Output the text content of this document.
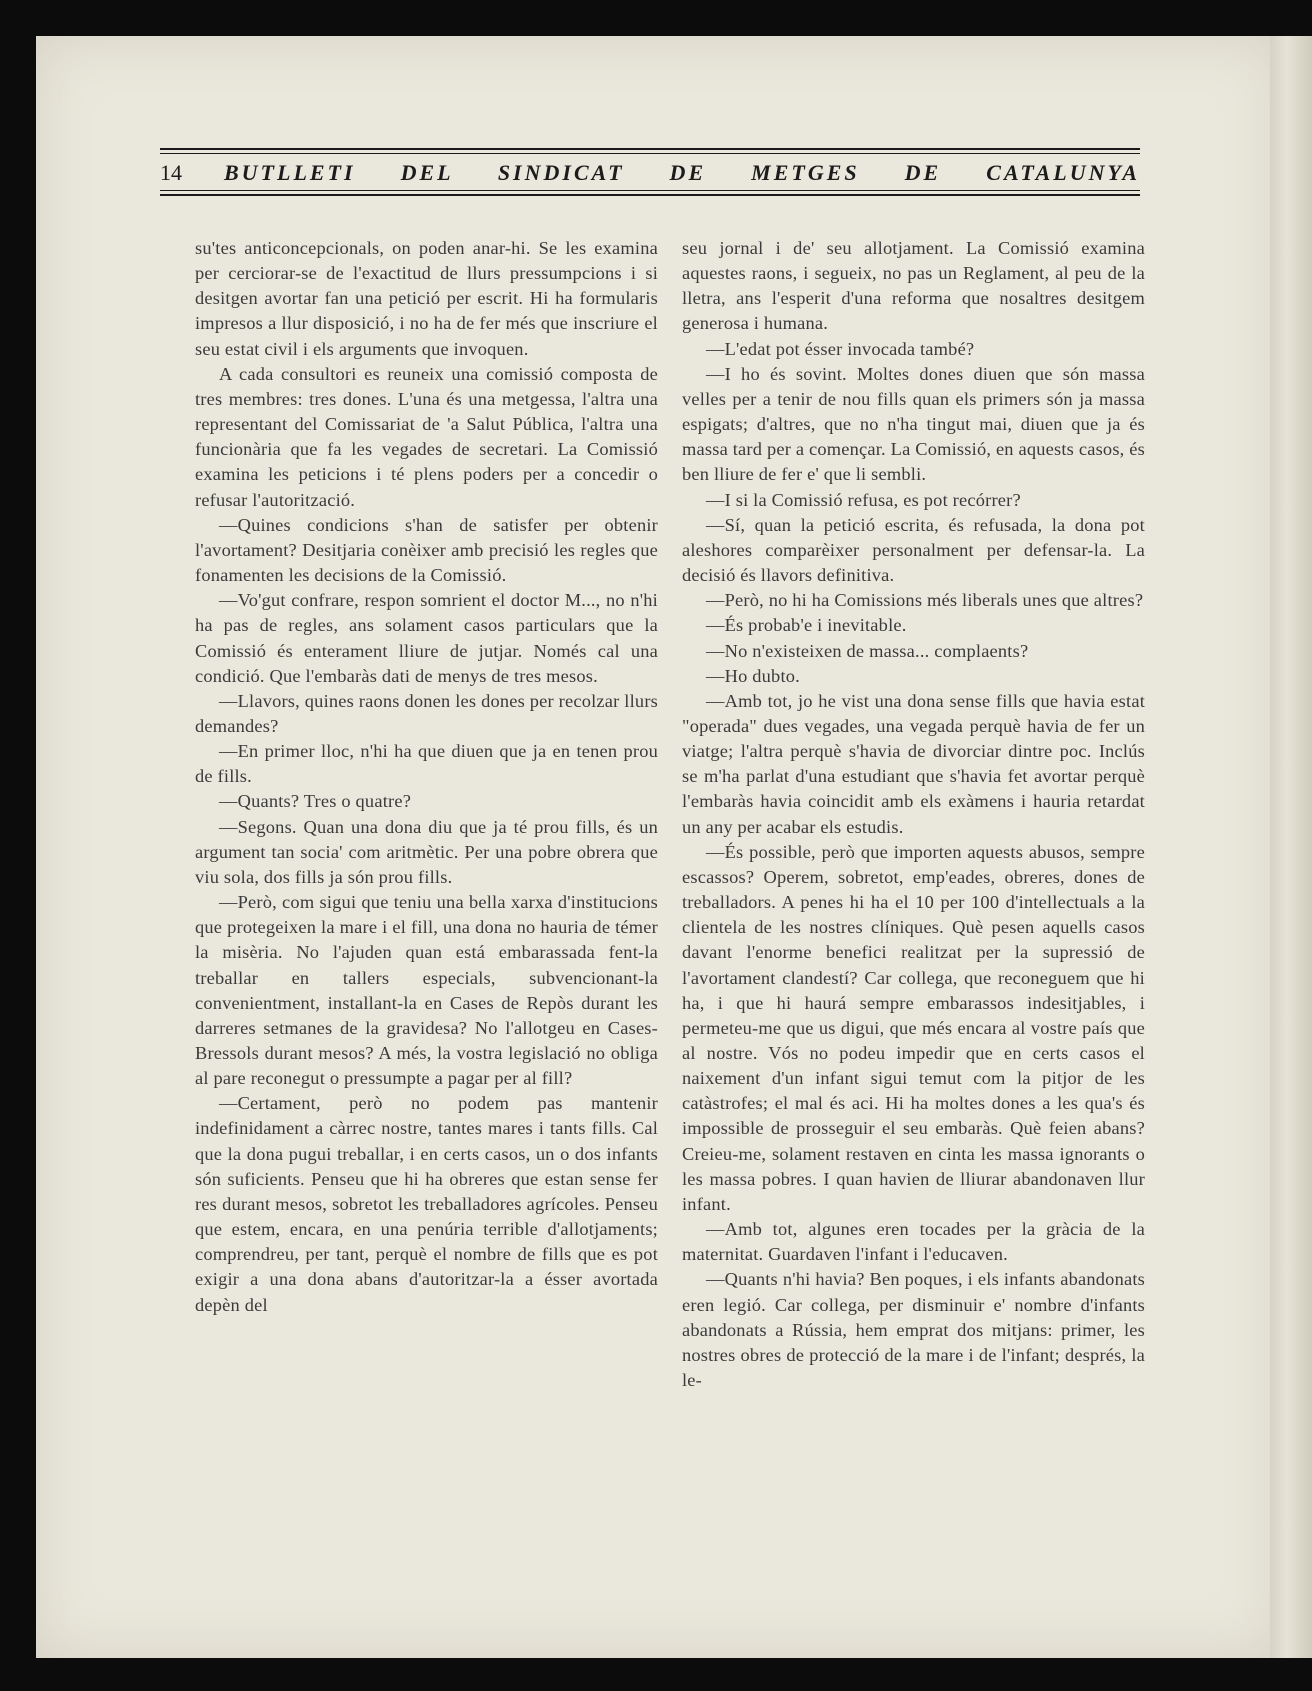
14	BUTLLETI DEL SINDICAT DE METGES DE CATALUNYA

su'tes anticoncepcionals, on poden anar-hi. Se les examina per cerciorar-se de l'exactitud de llurs pressumpcions i si desitgen avortar fan una petició per escrit. Hi ha formularis impresos a llur disposició, i no ha de fer més que inscriure el seu estat civil i els arguments que invoquen.

A cada consultori es reuneix una comissió composta de tres membres: tres dones. L'una és una metgessa, l'altra una representant del Comissariat de 'a Salut Pública, l'altra una funcionària que fa les vegades de secretari. La Comissió examina les peticions i té plens poders per a concedir o refusar l'autorització.

—Quines condicions s'han de satisfer per obtenir l'avortament? Desitjaria conèixer amb precisió les regles que fonamenten les decisions de la Comissió.

—Vo'gut confrare, respon somrient el doctor M..., no n'hi ha pas de regles, ans solament casos particulars que la Comissió és enterament lliure de jutjar. Només cal una condició. Que l'embaràs dati de menys de tres mesos.

—Llavors, quines raons donen les dones per recolzar llurs demandes?

—En primer lloc, n'hi ha que diuen que ja en tenen prou de fills.

—Quants? Tres o quatre?

—Segons. Quan una dona diu que ja té prou fills, és un argument tan socia' com aritmètic. Per una pobre obrera que viu sola, dos fills ja són prou fills.

—Però, com sigui que teniu una bella xarxa d'institucions que protegeixen la mare i el fill, una dona no hauria de témer la misèria. No l'ajuden quan está embarassada fent-la treballar en tallers especials, subvencionant-la convenientment, installant-la en Cases de Repòs durant les darreres setmanes de la gravidesa? No l'allotgeu en Cases-Bressols durant mesos? A més, la vostra legislació no obliga al pare reconegut o pressumpte a pagar per al fill?

—Certament, però no podem pas mantenir indefinidament a càrrec nostre, tantes mares i tants fills. Cal que la dona pugui treballar, i en certs casos, un o dos infants són suficients. Penseu que hi ha obreres que estan sense fer res durant mesos, sobretot les treballadores agrícoles. Penseu que estem, encara, en una penúria terrible d'allotjaments; comprendreu, per tant, perquè el nombre de fills que es pot exigir a una dona abans d'autoritzar-la a ésser avortada depèn del

seu jornal i de' seu allotjament. La Comissió examina aquestes raons, i segueix, no pas un Reglament, al peu de la lletra, ans l'esperit d'una reforma que nosaltres desitgem generosa i humana.

—L'edat pot ésser invocada també?

—I ho és sovint. Moltes dones diuen que són massa velles per a tenir de nou fills quan els primers són ja massa espigats; d'altres, que no n'ha tingut mai, diuen que ja és massa tard per a començar. La Comissió, en aquests casos, és ben lliure de fer e' que li sembli.

—I si la Comissió refusa, es pot recórrer?

—Sí, quan la petició escrita, és refusada, la dona pot aleshores comparèixer personalment per defensar-la. La decisió és llavors definitiva.

—Però, no hi ha Comissions més liberals unes que altres?

—És probab'e i inevitable.

—No n'existeixen de massa... complaents?

—Ho dubto.

—Amb tot, jo he vist una dona sense fills que havia estat "operada" dues vegades, una vegada perquè havia de fer un viatge; l'altra perquè s'havia de divorciar dintre poc. Inclús se m'ha parlat d'una estudiant que s'havia fet avortar perquè l'embaràs havia coincidit amb els exàmens i hauria retardat un any per acabar els estudis.

—És possible, però que importen aquests abusos, sempre escassos? Operem, sobretot, emp'eades, obreres, dones de treballadors. A penes hi ha el 10 per 100 d'intellectuals a la clientela de les nostres clíniques. Què pesen aquells casos davant l'enorme benefici realitzat per la supressió de l'avortament clandestí? Car collega, que reconeguem que hi ha, i que hi haurá sempre embarassos indesitjables, i permeteu-me que us digui, que més encara al vostre país que al nostre. Vós no podeu impedir que en certs casos el naixement d'un infant sigui temut com la pitjor de les catàstrofes; el mal és aci. Hi ha moltes dones a les qua's és impossible de prosseguir el seu embaràs. Què feien abans? Creieu-me, solament restaven en cinta les massa ignorants o les massa pobres. I quan havien de lliurar abandonaven llur infant.

—Amb tot, algunes eren tocades per la gràcia de la maternitat. Guardaven l'infant i l'educaven.

—Quants n'hi havia? Ben poques, i els infants abandonats eren legió. Car collega, per disminuir e' nombre d'infants abandonats a Rússia, hem emprat dos mitjans: primer, les nostres obres de protecció de la mare i de l'infant; després, la le-
